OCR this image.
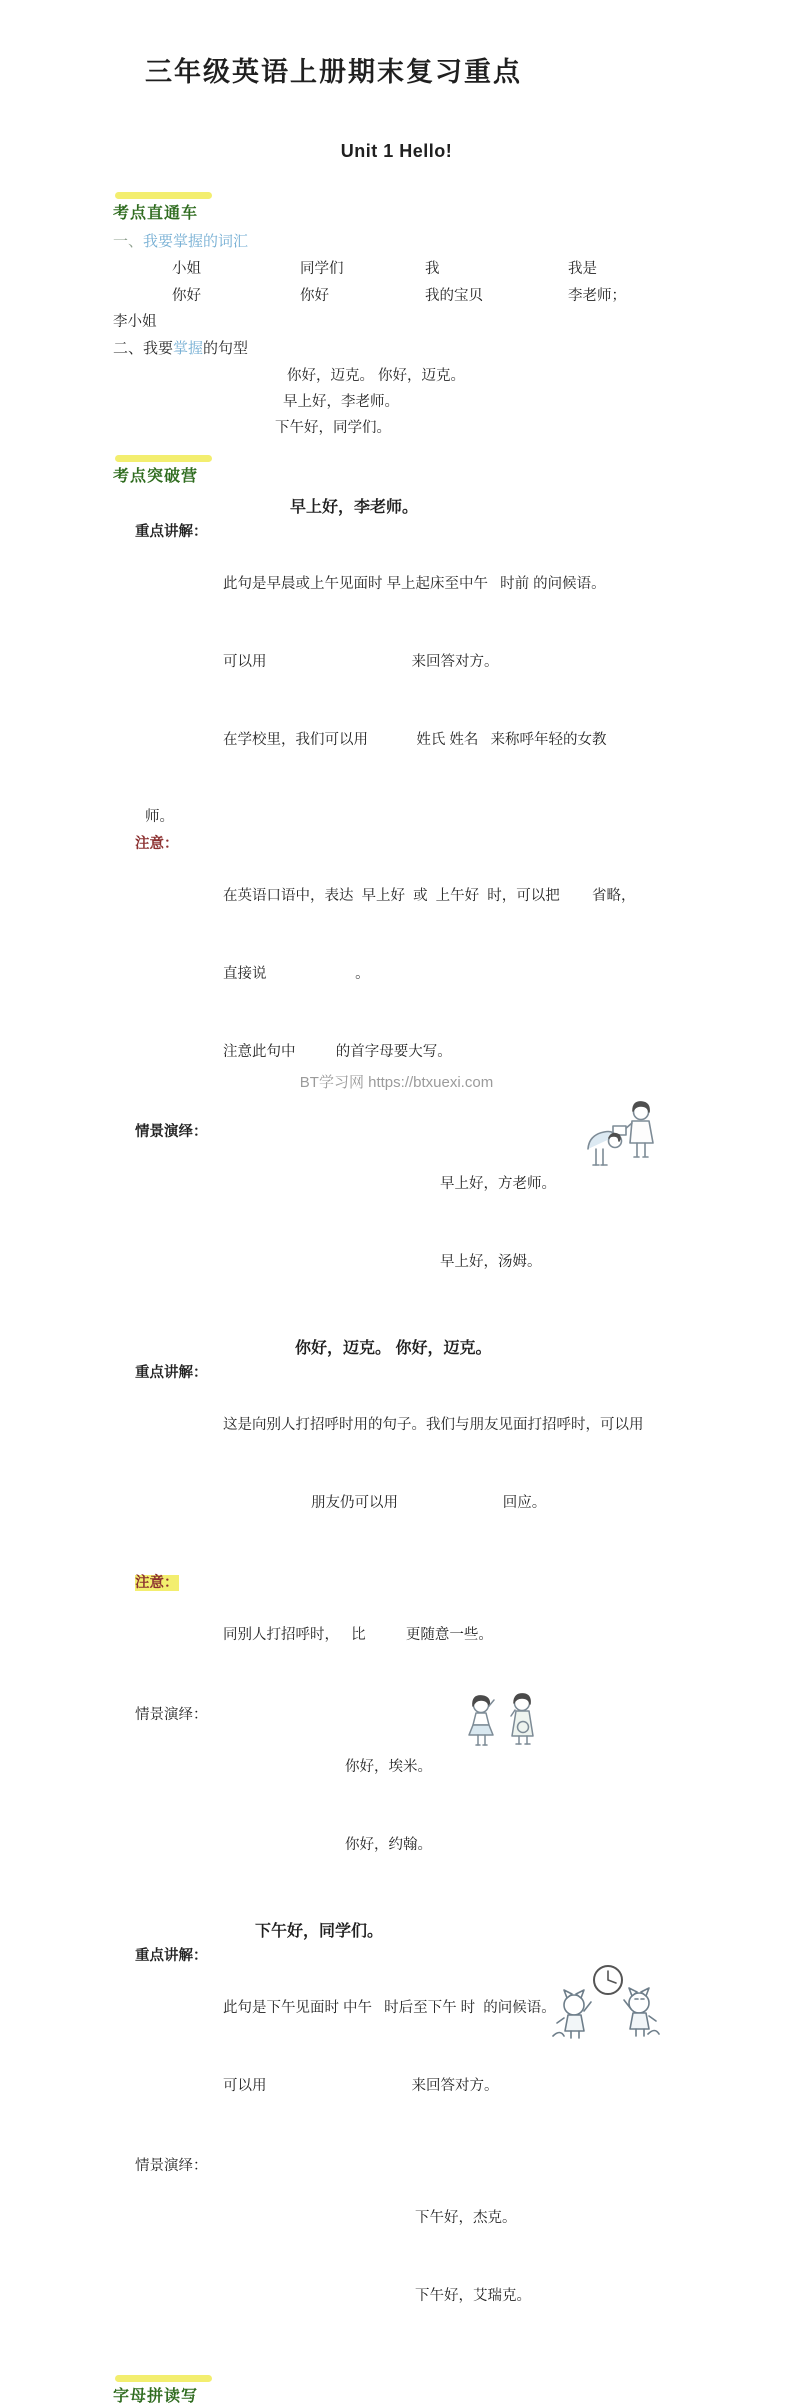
三年级英语上册期末复习重点
Unit 1 Hello!
考点直通车
一、我要掌握的词汇
小姐	同学们	我	我是
你好	你好	我的宝贝	李老师；
李小姐
二、我要掌握的句型
你好，迈克。 你好，迈克。
早上好，李老师。
下午好，同学们。
考点突破营
早上好，李老师。
重点讲解：

此句是早晨或上午见面时 早上起床至中午   时前 的问候语。

可以用                                    来回答对方。

在学校里，我们可以用            姓氏 姓名   来称呼年轻的女教

师。
注意：

在英语口语中，表达  早上好  或  上午好  时，可以把        省略，

直接说                      。

注意此句中          的首字母要大写。

情景演绎：

早上好，方老师。

早上好，汤姆。

你好，迈克。 你好，迈克。
重点讲解：

这是向别人打招呼时用的句子。我们与朋友见面打招呼时，可以用

朋友仍可以用                          回应。

注意：

同别人打招呼时，   比          更随意一些。

情景演绎：

你好，埃米。

你好，约翰。

下午好，同学们。
重点讲解：

此句是下午见面时 中午   时后至下午 时  的问候语。

可以用                                    来回答对方。

情景演绎：

下午好，杰克。

下午好，艾瑞克。

字母拼读写
BT学习网 https://btxuexi.com
